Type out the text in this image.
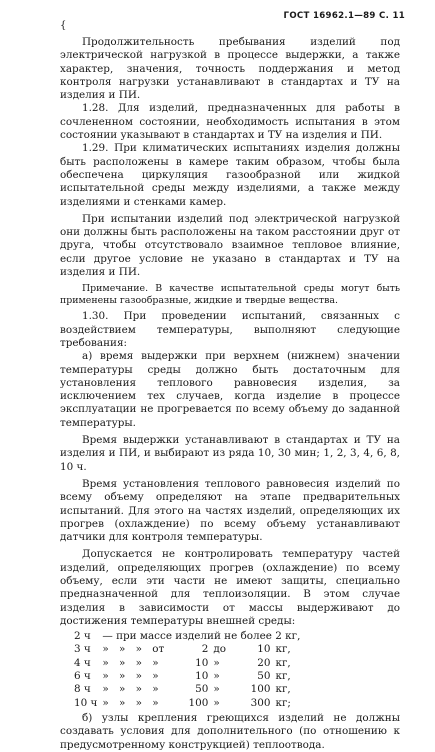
ГОСТ 16962.1—89 С. 11
{

Продолжительность пребывания изделий под электрической нагрузкой в процессе выдержки, а также характер, значения, точность поддержания и метод контроля нагрузки устанавливают в стандартах и ТУ на изделия и ПИ.

1.28. Для изделий, предназначенных для работы в сочлененном состоянии, необходимость испытания в этом состоянии указывают в стандартах и ТУ на изделия и ПИ.

1.29. При климатических испытаниях изделия должны быть расположены в камере таким образом, чтобы была обеспечена циркуляция газообразной или жидкой испытательной среды между изделиями, а также между изделиями и стенками камер.

При испытании изделий под электрической нагрузкой они должны быть расположены на таком расстоянии друг от друга, чтобы отсутствовало взаимное тепловое влияние, если другое условие не указано в стандартах и ТУ на изделия и ПИ.

Примечание. В качестве испытательной среды могут быть применены газообразные, жидкие и твердые вещества.

1.30. При проведении испытаний, связанных с воздействием температуры, выполняют следующие требования:

а) время выдержки при верхнем (нижнем) значении температуры среды должно быть достаточным для установления теплового равновесия изделия, за исключением тех случаев, когда изделие в процессе эксплуатации не прогревается по всему объему до заданной температуры.

Время выдержки устанавливают в стандартах и ТУ на изделия и ПИ, и выбирают из ряда 10, 30 мин; 1, 2, 3, 4, 6, 8, 10 ч.

Время установления теплового равновесия изделий по всему объему определяют на этапе предварительных испытаний. Для этого на частях изделий, определяющих их прогрев (охлаждение) по всему объему устанавливают датчики для контроля температуры.

Допускается не контролировать температуру частей изделий, определяющих прогрев (охлаждение) по всему объему, если эти части не имеют защиты, специально предназначенной для теплоизоляции. В этом случае изделия в зависимости от массы выдерживают до достижения температуры внешней среды:

2 ч	— при массе изделий не более 2 кг,							
3 ч	»	»	»	от	2	до	10	кг,
4 ч	»	»	»	»	10	»	20	кг,
6 ч	»	»	»	»	10	»	50	кг,
8 ч	»	»	»	»	50	»	100	кг,
10 ч	»	»	»	»	100	»	300	кг;

б) узлы крепления греющихся изделий не должны создавать условия для дополнительного (по отношению к предусмотренному конструкцией) теплоотвода.
